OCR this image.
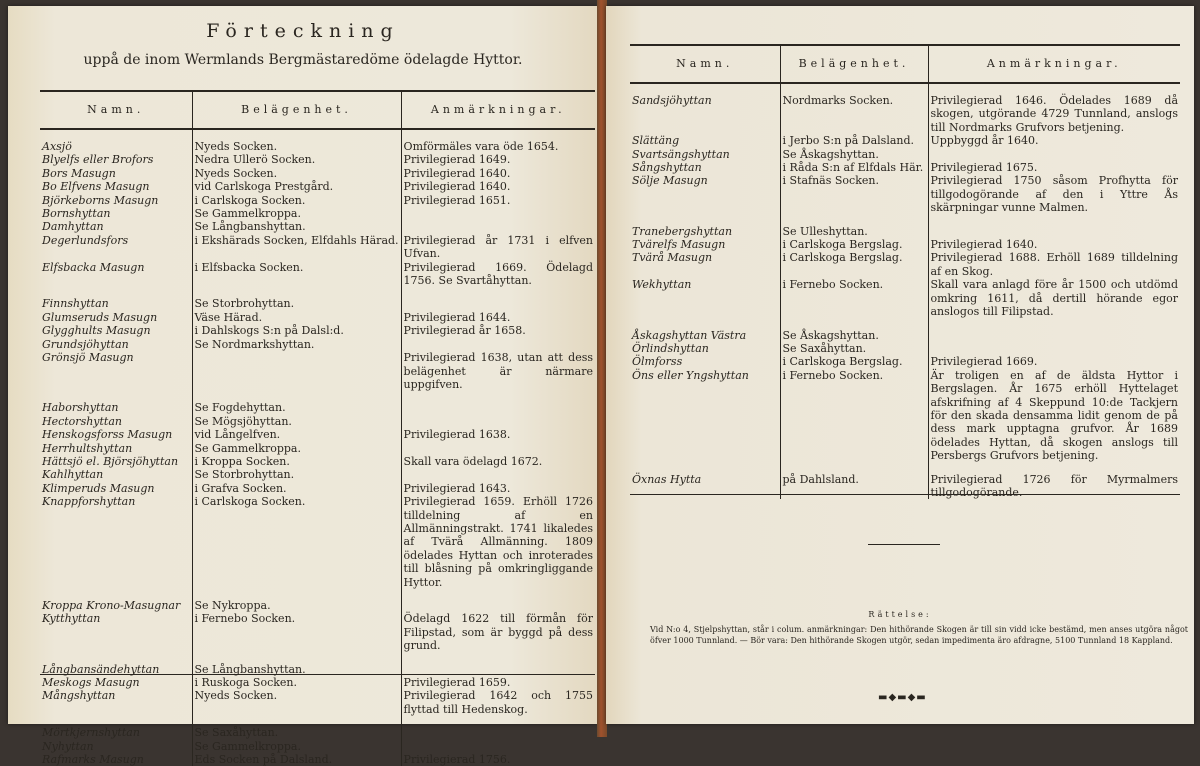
Förteckning
uppå de inom Wermlands Bergmästaredöme ödelagde Hyttor.
Namn.	Belägenhet.	Anmärkningar.

Axsjö	Nyeds Socken.	Omförmäles vara öde 1654.
Blyelfs eller Brofors	Nedra Ullerö Socken.	Privilegierad 1649.
Bors Masugn	Nyeds Socken.	Privilegierad 1640.
Bo Elfvens Masugn	vid Carlskoga Prestgård.	Privilegierad 1640.
Björkeborns Masugn	i Carlskoga Socken.	Privilegierad 1651.
Bornshyttan	Se Gammelkroppa.	
Damhyttan	Se Långbanshyttan.	
Degerlundsfors	i Ekshärads Socken, Elfdahls Härad.	Privilegierad år 1731 i elfven Ufvan.
Elfsbacka Masugn	i Elfsbacka Socken.	Privilegierad 1669. Ödelagd 1756. Se Svartåhyttan.

Finnshyttan	Se Storbrohyttan.	
Glumseruds Masugn	Väse Härad.	Privilegierad 1644.
Glygghults Masugn	i Dahlskogs S:n på Dalsl:d.	Privilegierad år 1658.
Grundsjöhyttan	Se Nordmarkshyttan.	
Grönsjö Masugn		Privilegierad 1638, utan att dess belägenhet är närmare uppgifven.

Haborshyttan	Se Fogdehyttan.	
Hectorshyttan	Se Mögsjöhyttan.	
Henskogsforss Masugn	vid Långelfven.	Privilegierad 1638.
Herrhultshyttan	Se Gammelkroppa.	
Hättsjö el. Björsjöhyttan	i Kroppa Socken.	Skall vara ödelagd 1672.
Kahlhyttan	Se Storbrohyttan.	
Klimperuds Masugn	i Grafva Socken.	Privilegierad 1643.
Knappforshyttan	i Carlskoga Socken.	Privilegierad 1659. Erhöll 1726 tilldelning af en Allmänningstrakt. 1741 likaledes af Tvärå Allmänning. 1809 ödelades Hyttan och inroterades till blåsning på omkringliggande Hyttor.

Kroppa Krono-Masugnar	Se Nykroppa.	
Kytthyttan	i Fernebo Socken.	Ödelagd 1622 till förmån för Filipstad, som är byggd på dess grund.

Långbansändehyttan	Se Långbanshyttan.	
Meskogs Masugn	i Ruskoga Socken.	Privilegierad 1659.
Mångshyttan	Nyeds Socken.	Privilegierad 1642 och 1755 flyttad till Hedenskog.

Mörtkjernshyttan	Se Saxåhyttan.	
Nyhyttan	Se Gammelkroppa.	
Rafmarks Masugn	Eds Socken på Dalsland.	Privilegierad 1756.
Namn.	Belägenhet.	Anmärkningar.

Sandsjöhyttan	Nordmarks Socken.	Privilegierad 1646. Ödelades 1689 då skogen, utgörande 4729 Tunnland, anslogs till Nordmarks Grufvors betjening.
Slättäng	i Jerbo S:n på Dalsland.	Uppbyggd år 1640.
Svartsängshyttan	Se Åskagshyttan.	
Sångshyttan	i Råda S:n af Elfdals Här.	Privilegierad 1675.
Sölje Masugn	i Stafnäs Socken.	Privilegierad 1750 såsom Profhytta för tillgodogörande af den i Yttre Ås skärpningar vunne Malmen.

Tranebergshyttan	Se Ulleshyttan.	
Tvärelfs Masugn	i Carlskoga Bergslag.	Privilegierad 1640.
Tvärå Masugn	i Carlskoga Bergslag.	Privilegierad 1688. Erhöll 1689 tilldelning af en Skog.
Wekhyttan	i Fernebo Socken.	Skall vara anlagd före år 1500 och utdömd omkring 1611, då dertill hörande egor anslogos till Filipstad.

Åskagshyttan Västra	Se Åskagshyttan.	
Örlindshyttan	Se Saxåhyttan.	
Ölmforss	i Carlskoga Bergslag.	Privilegierad 1669.
Öns eller Yngshyttan	i Fernebo Socken.	Är troligen en af de äldsta Hyttor i Bergslagen. År 1675 erhöll Hyttelaget afskrifning af 4 Skeppund 10:de Tackjern för den skada densamma lidit genom de på dess mark upptagna grufvor. År 1689 ödelades Hyttan, då skogen anslogs till Persbergs Grufvors betjening.

Öxnas Hytta	på Dahlsland.	Privilegierad 1726 för Myrmalmers tillgodogörande.
Rättelse:
Vid N:o 4, Stjelpshyttan, står i colum. anmärkningar: Den hithörande Skogen är till sin vidd icke bestämd, men anses utgöra något öfver 1000 Tunnland. — Bör vara: Den hithörande Skogen utgör, sedan impedimenta äro afdragne, 5100 Tunnland 18 Kappland.
▬◆▬◆▬
